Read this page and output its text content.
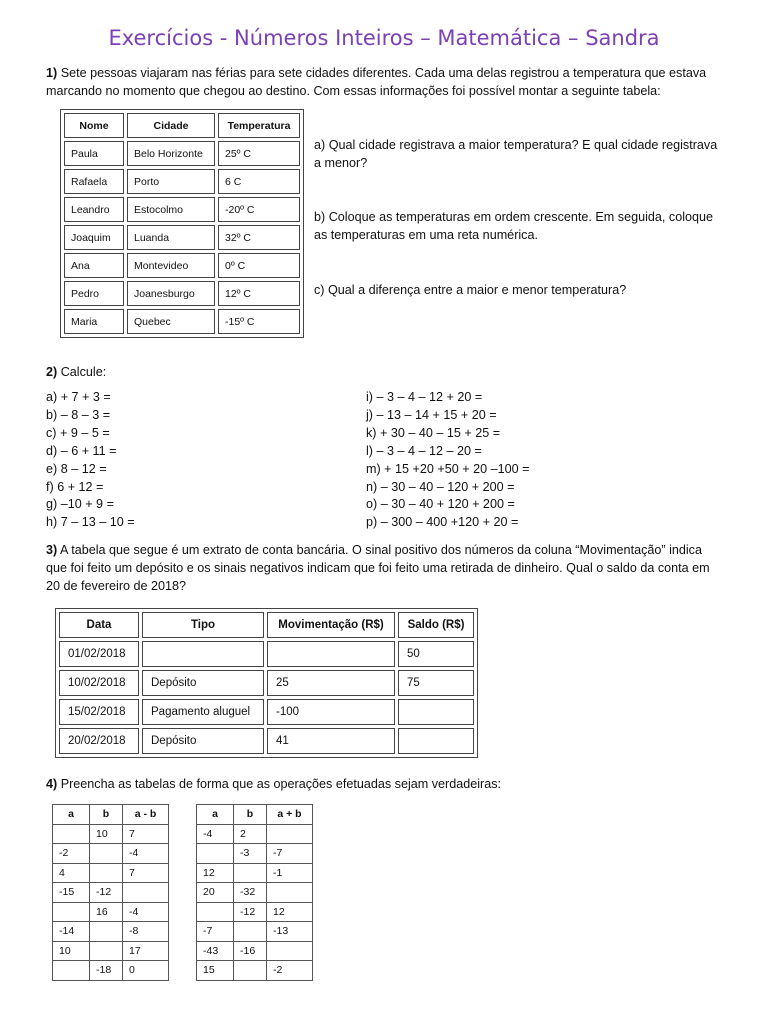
Exercícios - Números Inteiros – Matemática – Sandra
1) Sete pessoas viajaram nas férias para sete cidades diferentes. Cada uma delas registrou a temperatura que estava marcando no momento que chegou ao destino. Com essas informações foi possível montar a seguinte tabela:
Nome	Cidade	Temperatura
Paula	Belo Horizonte	25º C
Rafaela	Porto	6 C
Leandro	Estocolmo	-20º C
Joaquim	Luanda	32º C
Ana	Montevideo	0º C
Pedro	Joanesburgo	12º C
Maria	Quebec	-15º C
a) Qual cidade registrava a maior temperatura? E qual cidade registrava a menor?
b) Coloque as temperaturas em ordem crescente. Em seguida, coloque as temperaturas em uma reta numérica.
c) Qual a diferença entre a maior e menor temperatura?
2) Calcule:
a) + 7 + 3 =
b) – 8 – 3 =
c) + 9 – 5 =
d) – 6 + 11 =
e) 8 – 12 =
f) 6 + 12 =
g) –10 + 9 =
h) 7 – 13 – 10 =
i) – 3 – 4 – 12 + 20 =
j) – 13 – 14 + 15 + 20 =
k) + 30 – 40 – 15 + 25 =
l) – 3 – 4 – 12 – 20 =
m) + 15 +20 +50 + 20 –100 =
n) – 30 – 40 – 120 + 200 =
o) – 30 – 40 + 120 + 200 =
p) – 300 – 400 +120 + 20 =
3) A tabela que segue é um extrato de conta bancária. O sinal positivo dos números da coluna “Movimentação” indica que foi feito um depósito e os sinais negativos indicam que foi feito uma retirada de dinheiro. Qual o saldo da conta em 20 de fevereiro de 2018?
Data	Tipo	Movimentação (R$)	Saldo (R$)
01/02/2018			50
10/02/2018	Depósito	25	75
15/02/2018	Pagamento aluguel	-100	
20/02/2018	Depósito	41	
4) Preencha as tabelas de forma que as operações efetuadas sejam verdadeiras:
a	b	a - b
	10	7
-2		-4
4		7
-15	-12	
	16	-4
-14		-8
10		17
	-18	0
a	b	a + b
-4	2	
	-3	-7
12		-1
20	-32	
	-12	12
-7		-13
-43	-16	
15		-2
